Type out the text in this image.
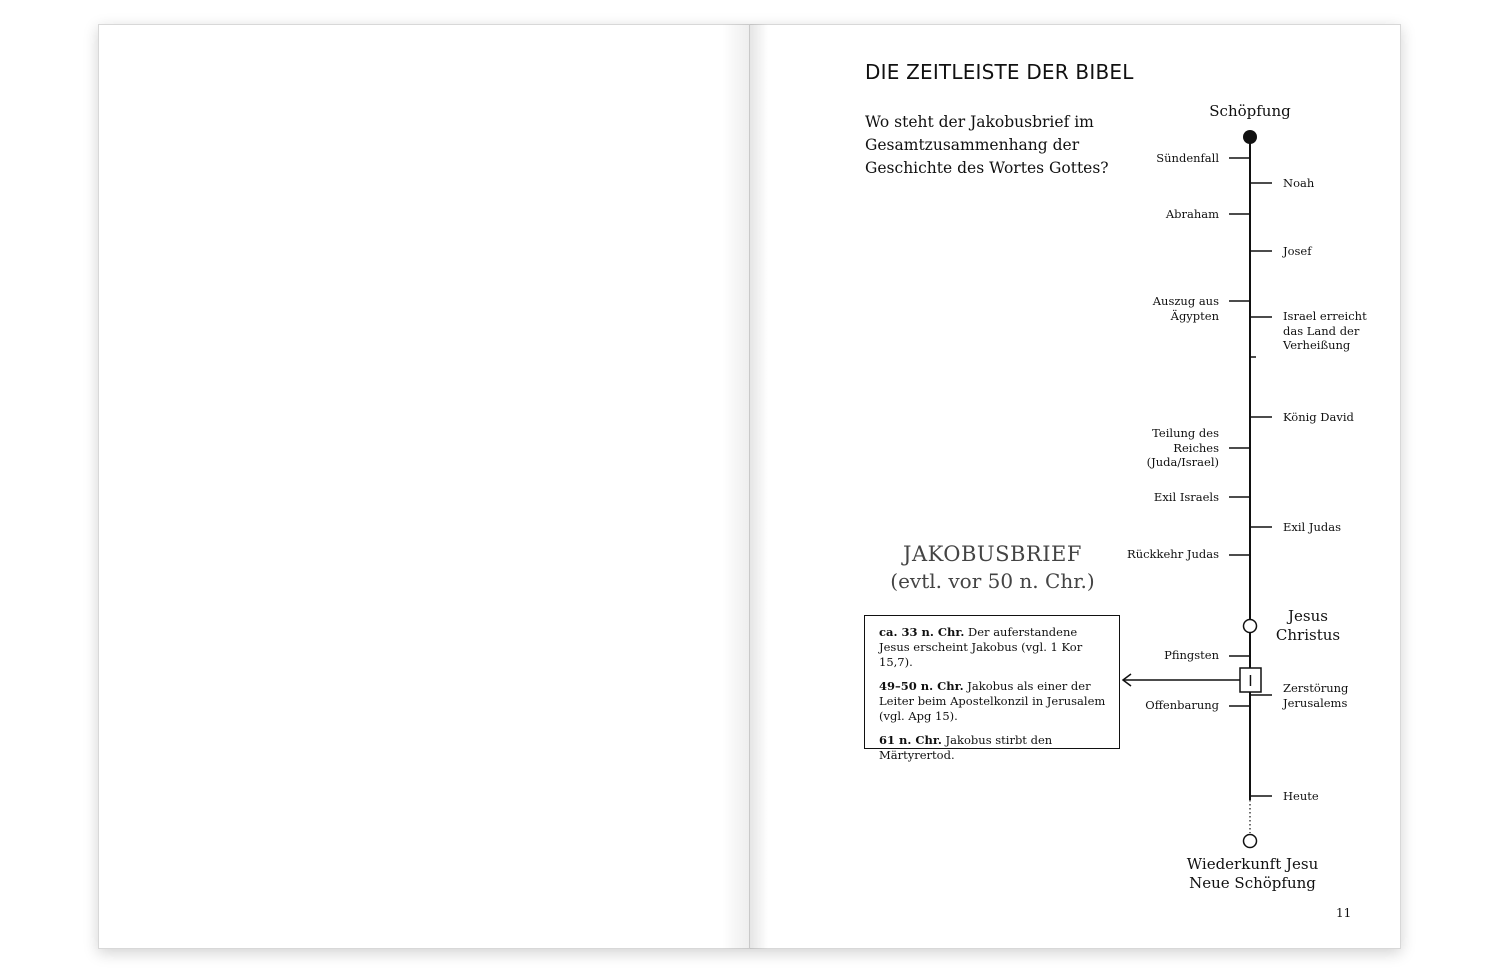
DIE ZEITLEISTE DER BIBEL

Wo steht der Jakobusbrief im Gesamtzusammenhang der Geschichte des Wortes Gottes?

I
Schöpfung
Sündenfall
Noah
Abraham
Josef
Auszug aus
Ägypten	Israel erreicht
das Land der
Verheißung
König David
Teilung des
Reiches
(Juda/Israel)
Exil Israels
Exil Judas
Rückkehr Judas
Jesus
Christus
Pfingsten
Zerstörung
Jerusalems
Offenbarung
Heute
Wiederkunft Jesu
Neue Schöpfung
JAKOBUSBRIEF
(evtl. vor 50 n. Chr.)

ca. 33 n. Chr. Der auferstandene Jesus erscheint Jakobus (vgl. 1 Kor 15,7).

49–50 n. Chr. Jakobus als einer der Leiter beim Apostelkonzil in Jerusalem (vgl. Apg 15).

61 n. Chr. Jakobus stirbt den Märtyrertod.

11
